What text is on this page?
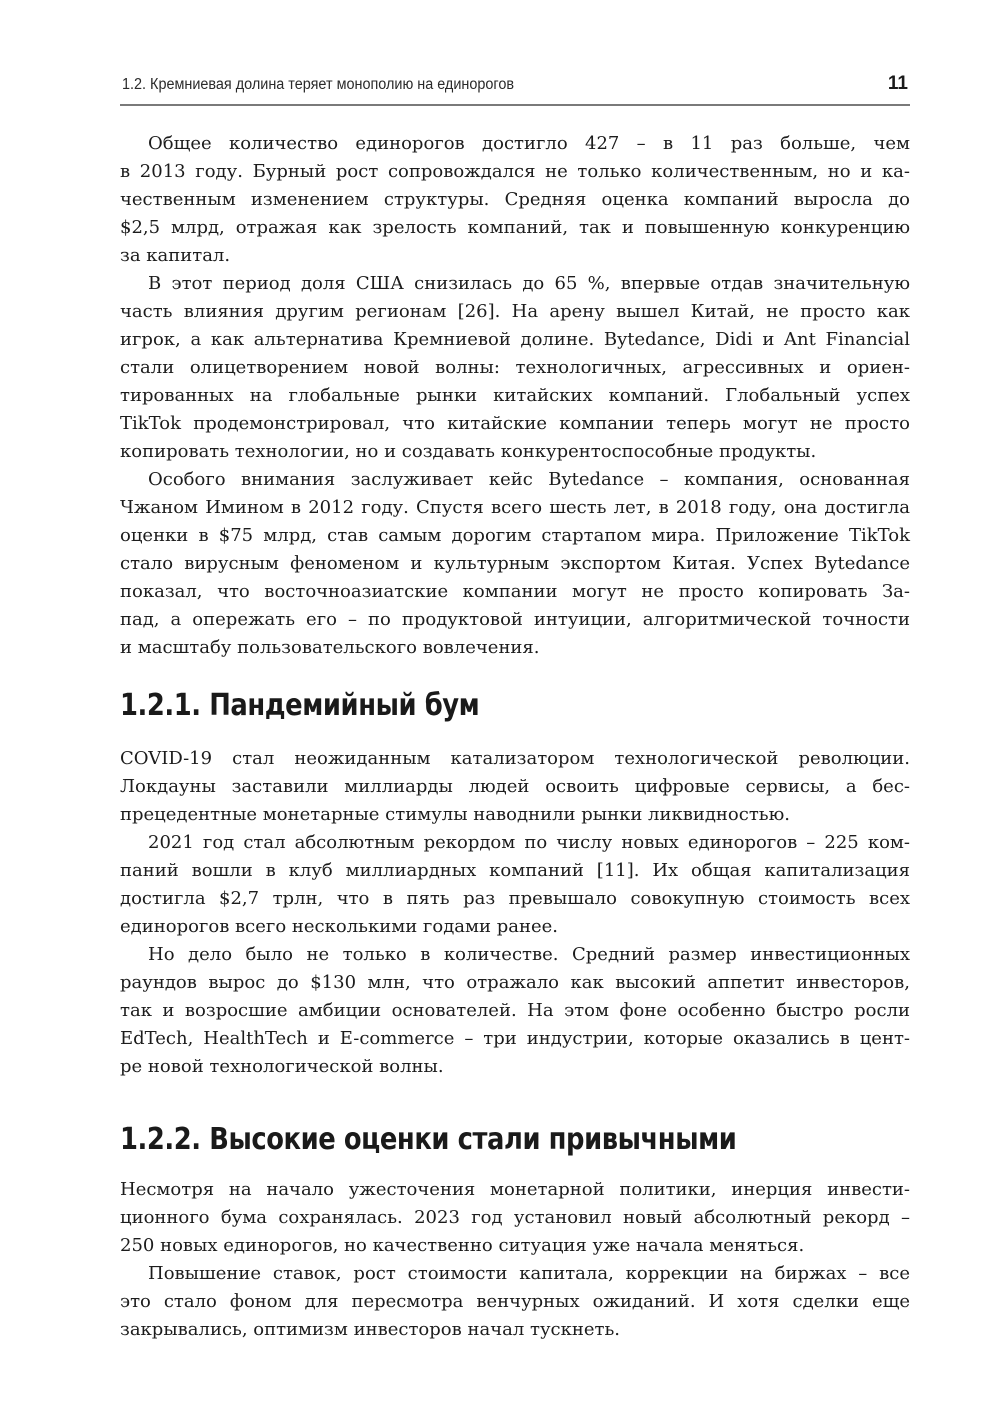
1.2. Кремниевая долина теряет монополию на единорогов	11

Общее количество единорогов достигло 427 – в 11 раз больше, чем
в 2013 году. Бурный рост сопровождался не только количественным, но и ка-
чественным изменением структуры. Средняя оценка компаний выросла до
$2,5 млрд, отражая как зрелость компаний, так и повышенную конкуренцию
за капитал.

В этот период доля США снизилась до 65 %, впервые отдав значительную
часть влияния другим регионам [26]. На арену вышел Китай, не просто как
игрок, а как альтернатива Кремниевой долине. Bytedance, Didi и Ant Financial
стали олицетворением новой волны: технологичных, агрессивных и ориен-
тированных на глобальные рынки китайских компаний. Глобальный успех
TikTok продемонстрировал, что китайские компании теперь могут не просто
копировать технологии, но и создавать конкурентоспособные продукты.

Особого внимания заслуживает кейс Bytedance – компания, основанная
Чжаном Имином в 2012 году. Спустя всего шесть лет, в 2018 году, она достигла
оценки в $75 млрд, став самым дорогим стартапом мира. Приложение TikTok
стало вирусным феноменом и культурным экспортом Китая. Успех Bytedance
показал, что восточноазиатские компании могут не просто копировать За-
пад, а опережать его – по продуктовой интуиции, алгоритмической точности
и масштабу пользовательского вовлечения.

1.2.1. Пандемийный бум

COVID-19 стал неожиданным катализатором технологической революции.
Локдауны заставили миллиарды людей освоить цифровые сервисы, а бес-
прецедентные монетарные стимулы наводнили рынки ликвидностью.

2021 год стал абсолютным рекордом по числу новых единорогов – 225 ком-
паний вошли в клуб миллиардных компаний [11]. Их общая капитализация
достигла $2,7 трлн, что в пять раз превышало совокупную стоимость всех
единорогов всего несколькими годами ранее.

Но дело было не только в количестве. Средний размер инвестиционных
раундов вырос до $130 млн, что отражало как высокий аппетит инвесторов,
так и возросшие амбиции основателей. На этом фоне особенно быстро росли
EdTech, HealthTech и E-commerce – три индустрии, которые оказались в цент-
ре новой технологической волны.

1.2.2. Высокие оценки стали привычными

Несмотря на начало ужесточения монетарной политики, инерция инвести-
ционного бума сохранялась. 2023 год установил новый абсолютный рекорд –
250 новых единорогов, но качественно ситуация уже начала меняться.

Повышение ставок, рост стоимости капитала, коррекции на биржах – все
это стало фоном для пересмотра венчурных ожиданий. И хотя сделки еще
закрывались, оптимизм инвесторов начал тускнеть.
